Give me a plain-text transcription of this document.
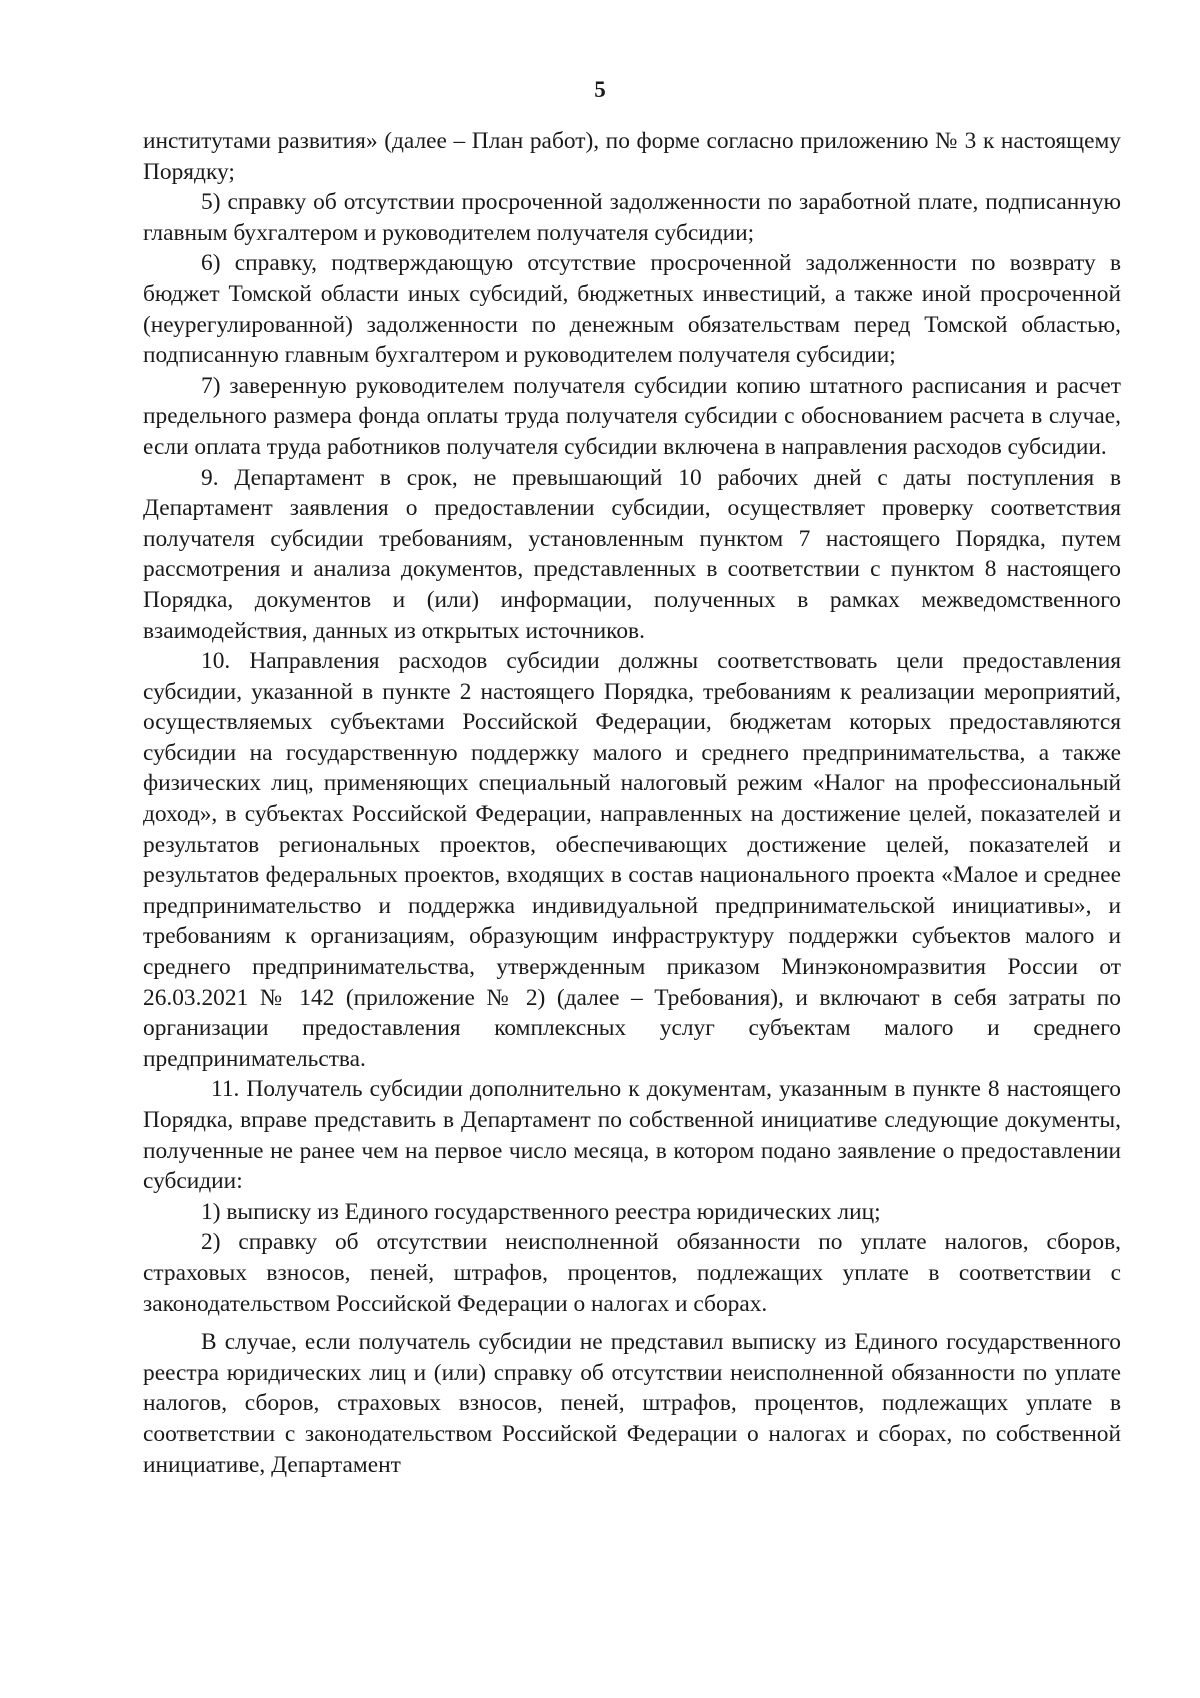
5

институтами развития» (далее – План работ), по форме согласно приложению № 3 к настоящему Порядку;

5) справку об отсутствии просроченной задолженности по заработной плате, подписанную главным бухгалтером и руководителем получателя субсидии;

6) справку, подтверждающую отсутствие просроченной задолженности по возврату в бюджет Томской области иных субсидий, бюджетных инвестиций, а также иной просроченной (неурегулированной) задолженности по денежным обязательствам перед Томской областью, подписанную главным бухгалтером и руководителем получателя субсидии;

7) заверенную руководителем получателя субсидии копию штатного расписания и расчет предельного размера фонда оплаты труда получателя субсидии с обоснованием расчета в случае, если оплата труда работников получателя субсидии включена в направления расходов субсидии.

9. Департамент в срок, не превышающий 10 рабочих дней с даты поступления в Департамент заявления о предоставлении субсидии, осуществляет проверку соответствия получателя субсидии требованиям, установленным пунктом 7 настоящего Порядка, путем рассмотрения и анализа документов, представленных в соответствии с пунктом 8 настоящего Порядка, документов и (или) информации, полученных в рамках межведомственного взаимодействия, данных из открытых источников.

10. Направления расходов субсидии должны соответствовать цели предоставления субсидии, указанной в пункте 2 настоящего Порядка, требованиям к реализации мероприятий, осуществляемых субъектами Российской Федерации, бюджетам которых предоставляются субсидии на государственную поддержку малого и среднего предпринимательства, а также физических лиц, применяющих специальный налоговый режим «Налог на профессиональный доход», в субъектах Российской Федерации, направленных на достижение целей, показателей и результатов региональных проектов, обеспечивающих достижение целей, показателей и результатов федеральных проектов, входящих в состав национального проекта «Малое и среднее предпринимательство и поддержка индивидуальной предпринимательской инициативы», и требованиям к организациям, образующим инфраструктуру поддержки субъектов малого и среднего предпринимательства, утвержденным приказом Минэкономразвития России от 26.03.2021 № 142 (приложение № 2) (далее – Требования), и включают в себя затраты по организации предоставления комплексных услуг субъектам малого и среднего предпринимательства.

11. Получатель субсидии дополнительно к документам, указанным в пункте 8 настоящего Порядка, вправе представить в Департамент по собственной инициативе следующие документы, полученные не ранее чем на первое число месяца, в котором подано заявление о предоставлении субсидии:

1) выписку из Единого государственного реестра юридических лиц;

2) справку об отсутствии неисполненной обязанности по уплате налогов, сборов, страховых взносов, пеней, штрафов, процентов, подлежащих уплате в соответствии с законодательством Российской Федерации о налогах и сборах.

В случае, если получатель субсидии не представил выписку из Единого государственного реестра юридических лиц и (или) справку об отсутствии неисполненной обязанности по уплате налогов, сборов, страховых взносов, пеней, штрафов, процентов, подлежащих уплате в соответствии с законодательством Российской Федерации о налогах и сборах, по собственной инициативе, Департамент
